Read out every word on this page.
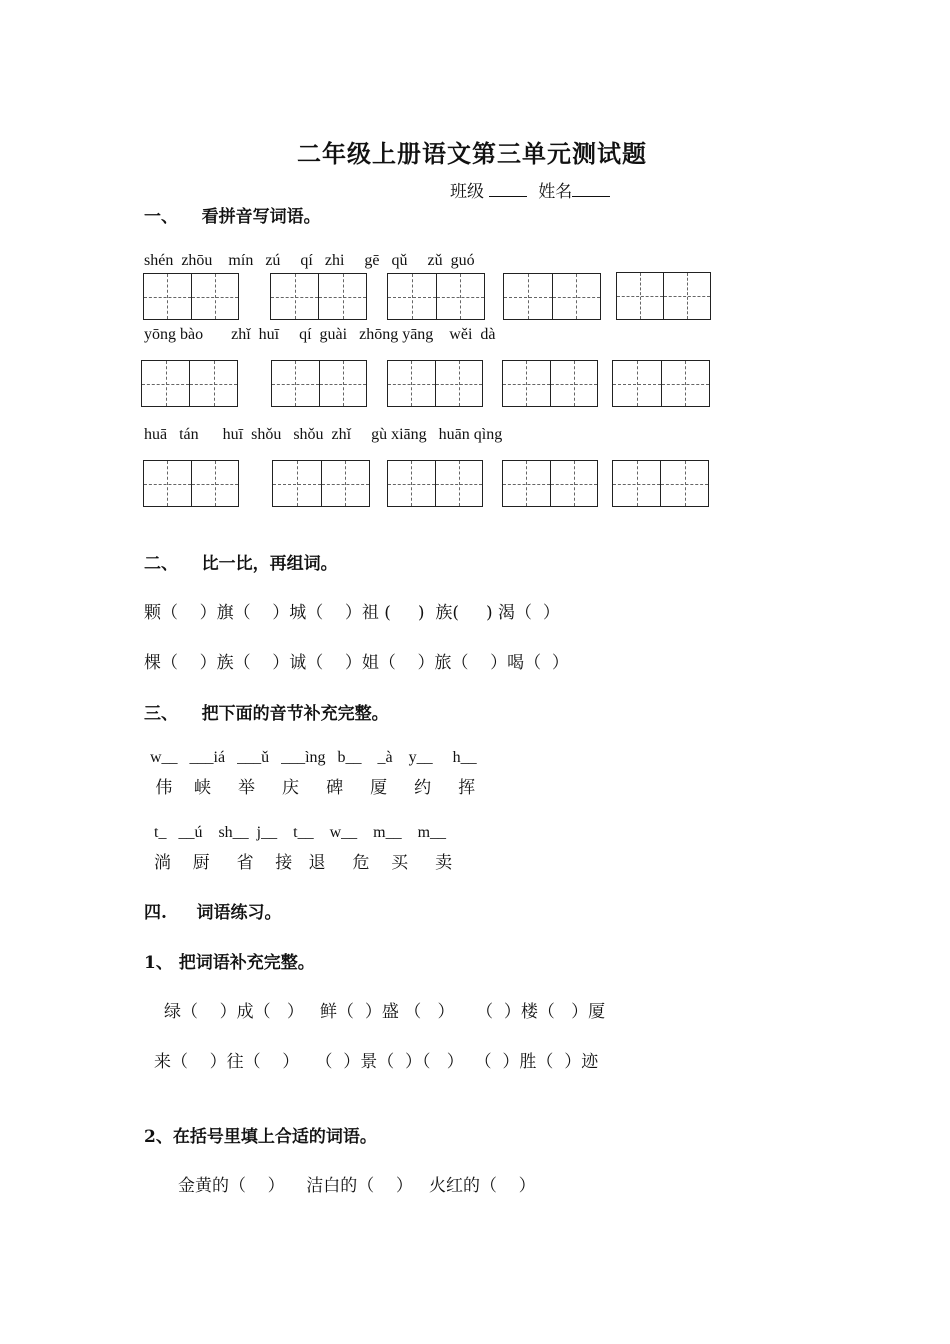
二年级上册语文第三单元测试题
班级	姓名
一、    看拼音写词语。
shén  zhōu    mín   zú     qí   zhi     gē   qǔ     zǔ  guó
yōng bào       zhǐ  huī     qí  guài   zhōng yāng    wěi  dà
huā   tán      huī  shǒu   shǒu  zhǐ     gù xiāng   huān qìng
二、    比一比，再组词。
颗（    ）旗（    ）城（    ）祖 (     )  族(     ) 渴（  ）
棵（    ）族（    ）诚（    ）姐（    ）旅（    ）喝（  ）
三、    把下面的音节补充完整。
w__   ___iá   ___ǔ   ___ìng   b__    _à    y__     h__
伟    峡     举     庆     碑     厦     约     挥
t_   __ú    sh__  j__    t__    w__    m__    m__
淌    厨     省    接   退     危    买     卖
四.     词语练习。
1、 把词语补充完整。
绿（    ）成（   ）   鲜（  ）盛 （   ）    （  ）楼（   ）厦
来（    ）往（    ）   （  ）景（  ）（   ）  （  ）胜（  ）迹
2、在括号里填上合适的词语。
金黄的（    ）    洁白的（    ）   火红的（    ）
